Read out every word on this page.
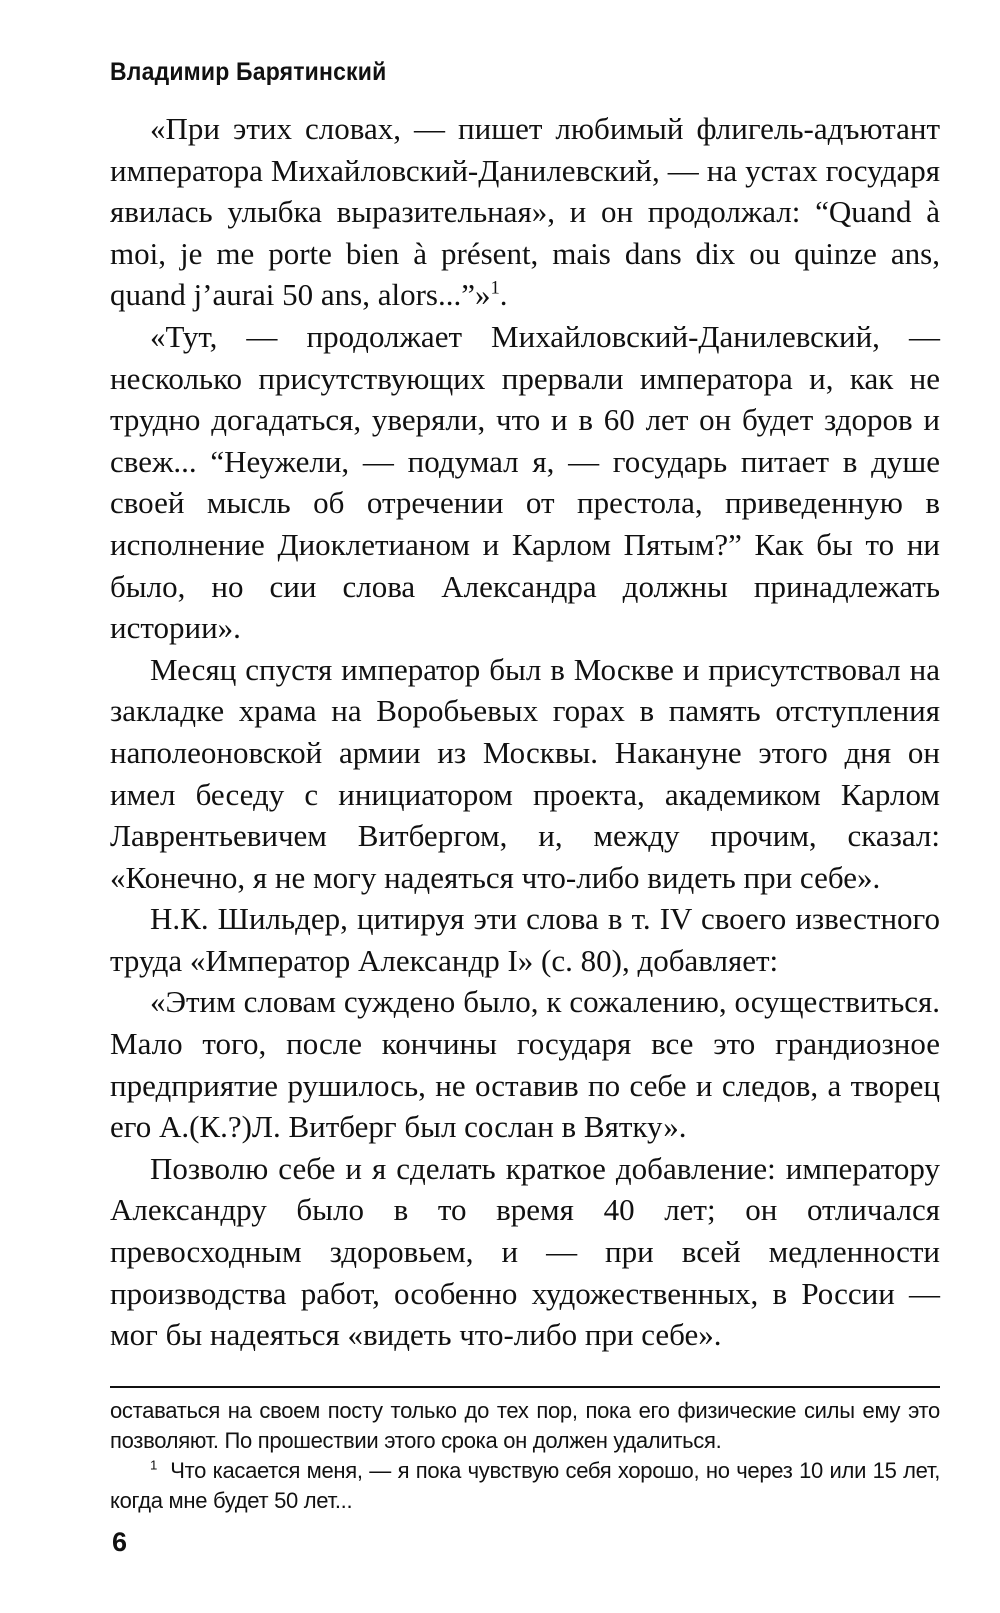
Владимир Барятинский

«При этих словах, — пишет любимый флигель-адъютант императора Михайловский-Данилевский, — на устах государя явилась улыбка выразительная», и он продолжал: “Quand à moi, je me porte bien à présent, mais dans dix ou quinze ans, quand j’aurai 50 ans, alors...”»$^1$.

«Тут, — продолжает Михайловский-Данилевский, — несколько присутствующих прервали императора и, как не трудно догадаться, уверяли, что и в 60 лет он будет здоров и свеж... “Неужели, — подумал я, — государь питает в душе своей мысль об отречении от престола, приведенную в исполнение Диоклетианом и Карлом Пятым?” Как бы то ни было, но сии слова Александра должны принадлежать истории».

Месяц спустя император был в Москве и присутствовал на закладке храма на Воробьевых горах в память отступления наполеоновской армии из Москвы. Накануне этого дня он имел беседу с инициатором проекта, академиком Карлом Лаврентьевичем Витбергом, и, между прочим, сказал: «Конечно, я не могу надеяться что-либо видеть при себе».

Н.К. Шильдер, цитируя эти слова в т. IV своего известного труда «Император Александр I» (с. 80), добавляет:

«Этим словам суждено было, к сожалению, осуществиться. Мало того, после кончины государя все это грандиозное предприятие рушилось, не оставив по себе и следов, а творец его А.(К.?)Л. Витберг был сослан в Вятку».

Позволю себе и я сделать краткое добавление: императору Александру было в то время 40 лет; он отличался превосходным здоровьем, и — при всей медленности производства работ, особенно художественных, в России — мог бы надеяться «видеть что-либо при себе».

оставаться на своем посту только до тех пор, пока его физические силы ему это позволяют. По прошествии этого срока он должен удалиться.

$^1$ Что касается меня, — я пока чувствую себя хорошо, но через 10 или 15 лет, когда мне будет 50 лет...

6
